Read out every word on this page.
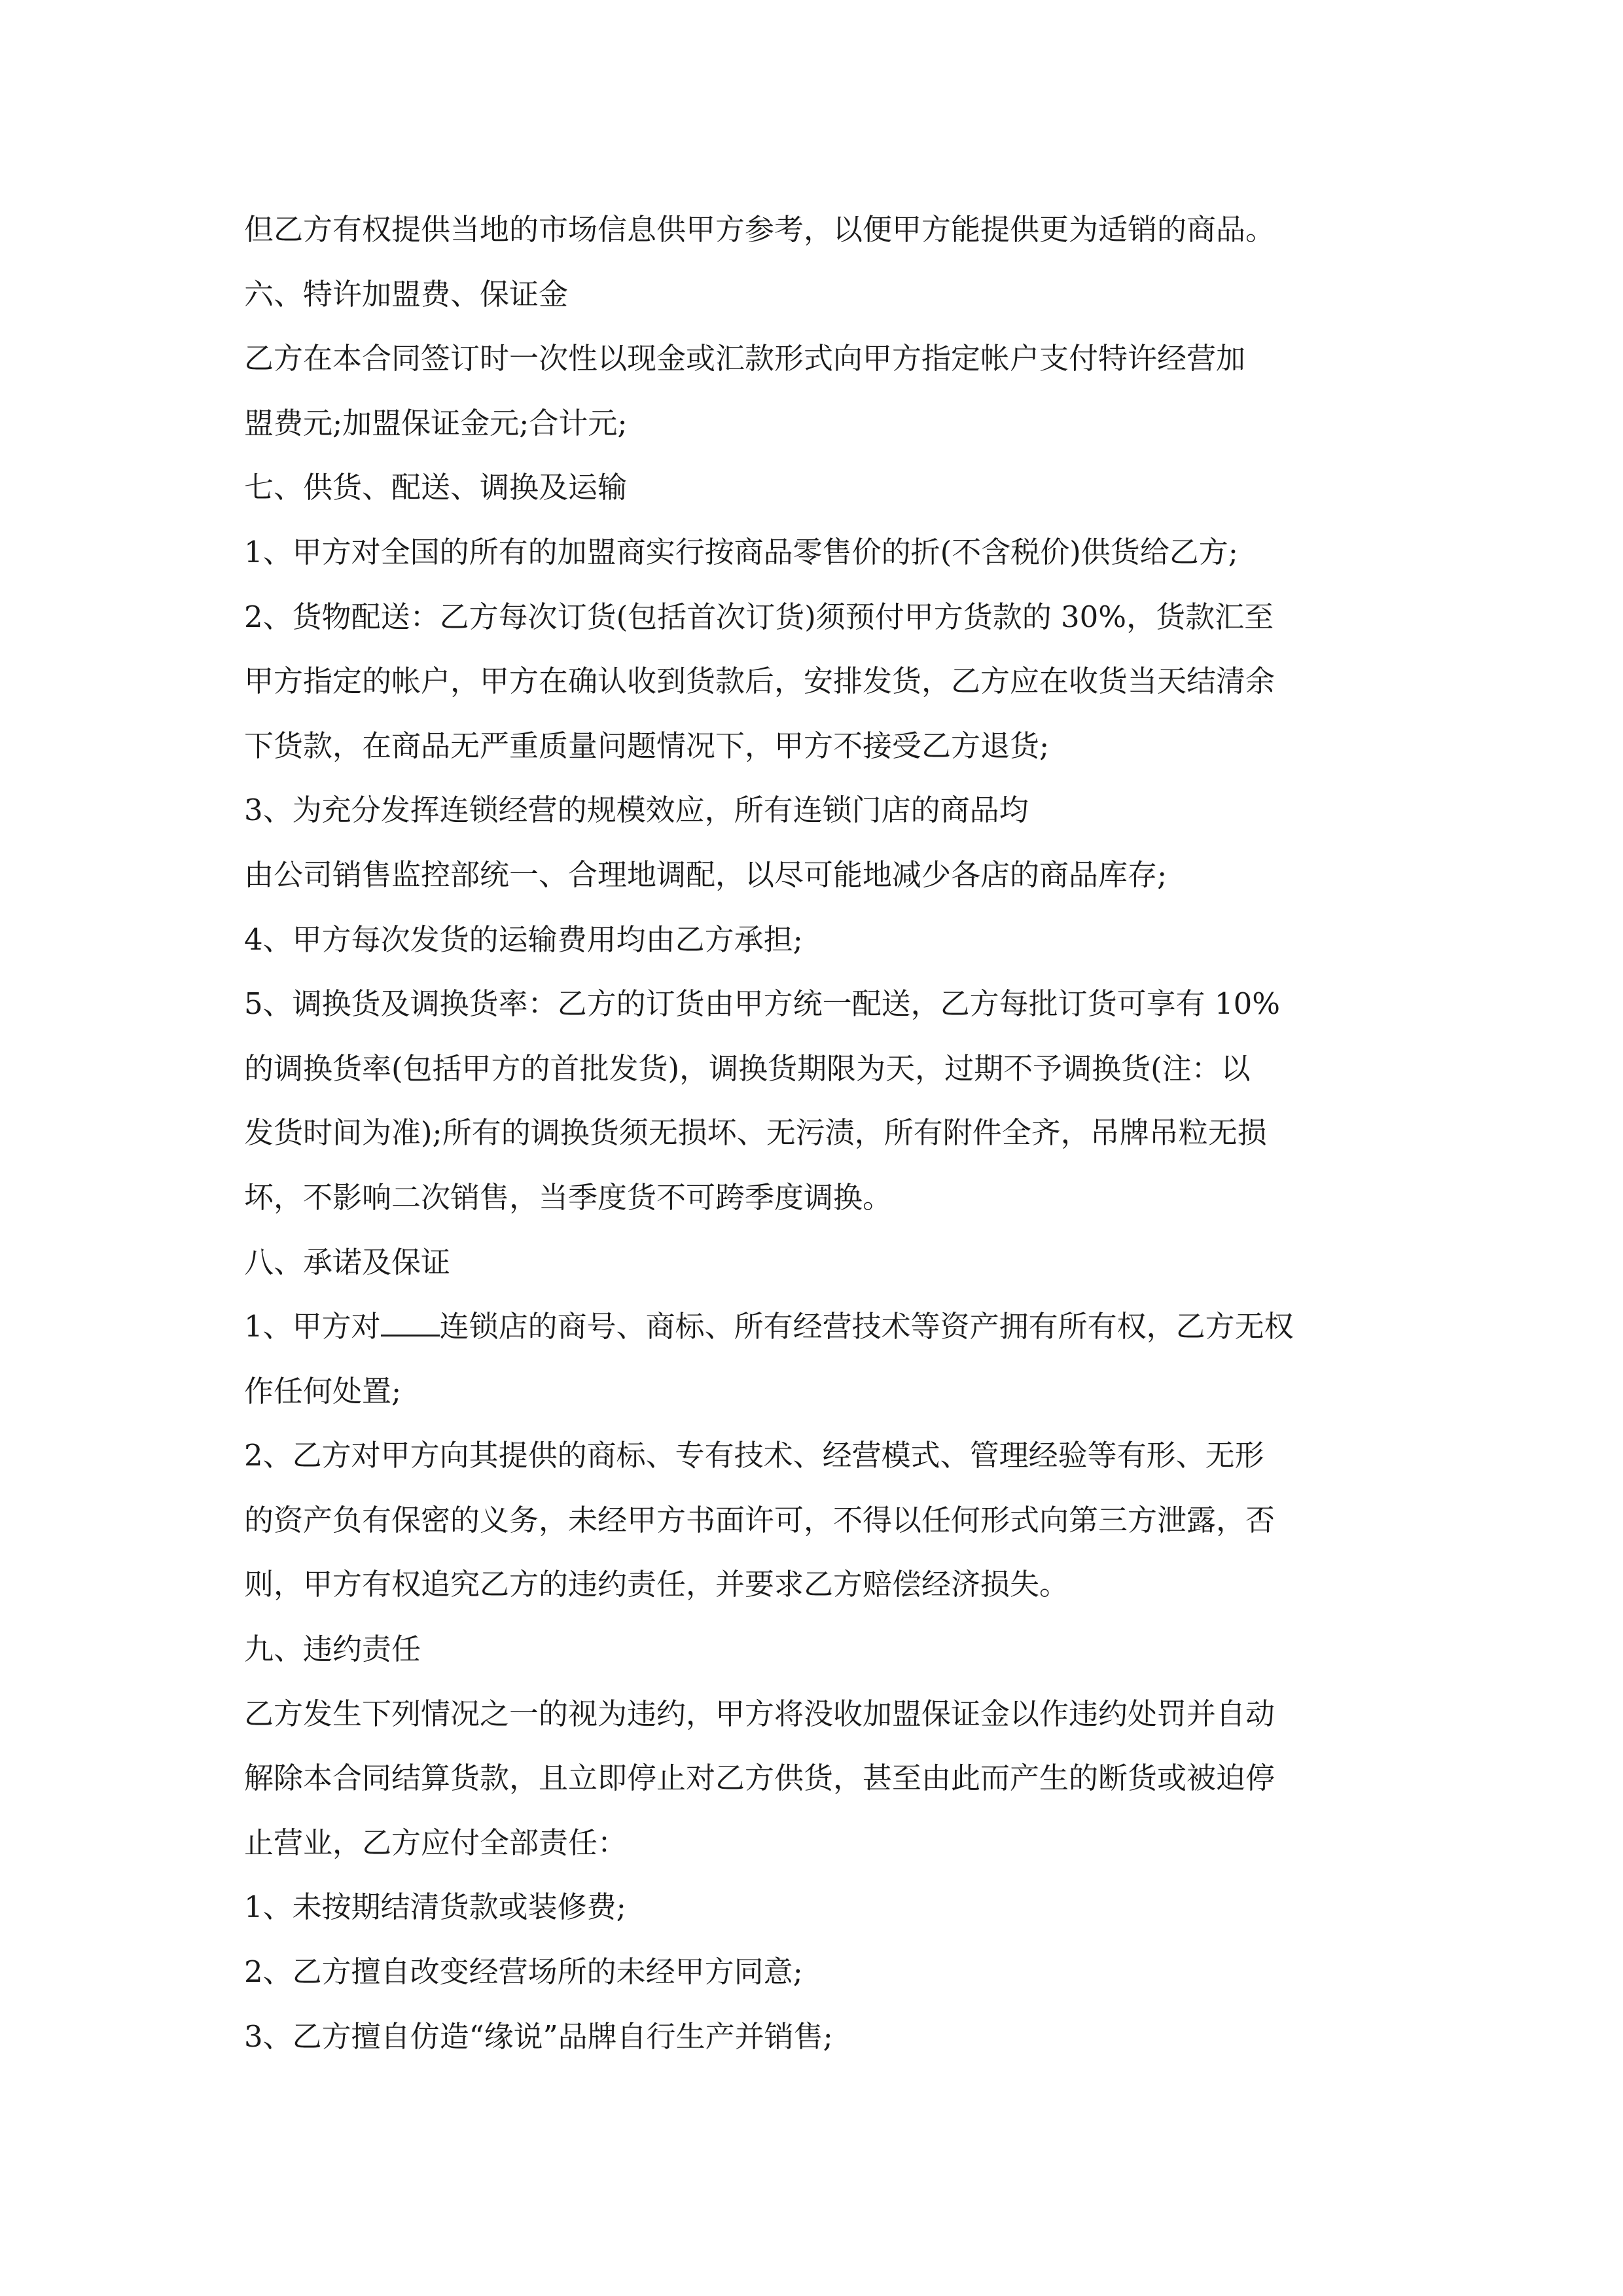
但乙方有权提供当地的市场信息供甲方参考，以便甲方能提供更为适销的商品。
六、特许加盟费、保证金
乙方在本合同签订时一次性以现金或汇款形式向甲方指定帐户支付特许经营加
盟费元;加盟保证金元;合计元;
七、供货、配送、调换及运输
1、甲方对全国的所有的加盟商实行按商品零售价的折(不含税价)供货给乙方;
2、货物配送：乙方每次订货(包括首次订货)须预付甲方货款的 30%，货款汇至
甲方指定的帐户，甲方在确认收到货款后，安排发货，乙方应在收货当天结清余
下货款，在商品无严重质量问题情况下，甲方不接受乙方退货;
3、为充分发挥连锁经营的规模效应，所有连锁门店的商品均
由公司销售监控部统一、合理地调配，以尽可能地减少各店的商品库存;
4、甲方每次发货的运输费用均由乙方承担;
5、调换货及调换货率：乙方的订货由甲方统一配送，乙方每批订货可享有 10%
的调换货率(包括甲方的首批发货)，调换货期限为天，过期不予调换货(注：以
发货时间为准);所有的调换货须无损坏、无污渍，所有附件全齐，吊牌吊粒无损
坏，不影响二次销售，当季度货不可跨季度调换。
八、承诺及保证
1、甲方对 连锁店的商号、商标、所有经营技术等资产拥有所有权，乙方无权
作任何处置;
2、乙方对甲方向其提供的商标、专有技术、经营模式、管理经验等有形、无形
的资产负有保密的义务，未经甲方书面许可，不得以任何形式向第三方泄露，否
则，甲方有权追究乙方的违约责任，并要求乙方赔偿经济损失。
九、违约责任
乙方发生下列情况之一的视为违约，甲方将没收加盟保证金以作违约处罚并自动
解除本合同结算货款，且立即停止对乙方供货，甚至由此而产生的断货或被迫停
止营业，乙方应付全部责任：
1、未按期结清货款或装修费;
2、乙方擅自改变经营场所的未经甲方同意;
3、乙方擅自仿造“缘说”品牌自行生产并销售;
